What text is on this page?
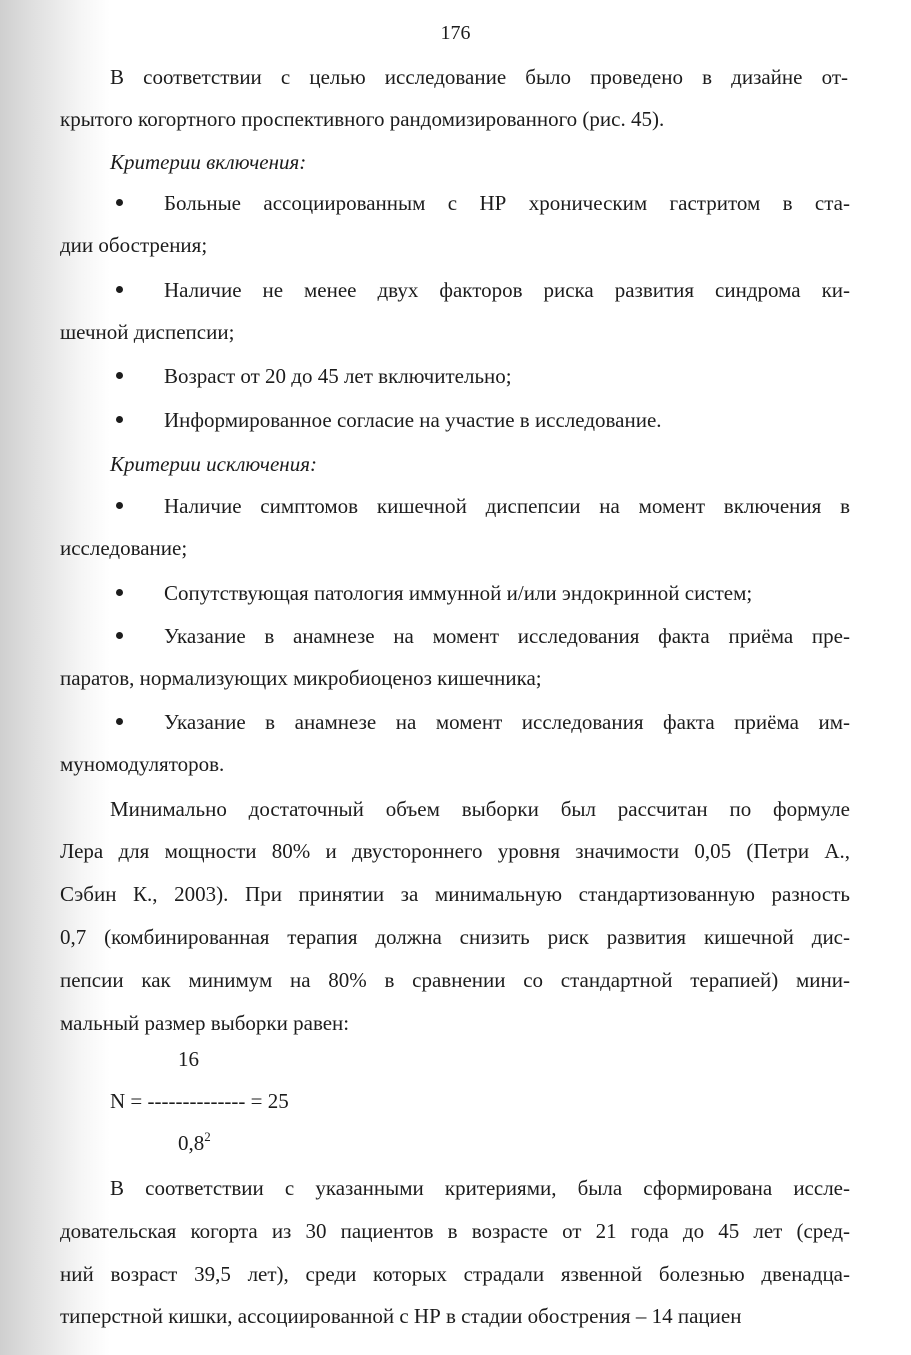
176
В соответствии с целью исследование было проведено в дизайне от-
крытого когортного проспективного рандомизированного (рис. 45).
Критерии включения:
Больные ассоциированным с НР хроническим гастритом в ста-
дии обострения;
Наличие не менее двух факторов риска развития синдрома ки-
шечной диспепсии;
Возраст от 20 до 45 лет включительно;
Информированное согласие на участие в исследование.
Критерии исключения:
Наличие симптомов кишечной диспепсии на момент включения в
исследование;
Сопутствующая патология иммунной и/или эндокринной систем;
Указание в анамнезе на момент исследования факта приёма пре-
паратов, нормализующих микробиоценоз кишечника;
Указание в анамнезе на момент исследования факта приёма им-
муномодуляторов.
Минимально достаточный объем выборки был рассчитан по формуле
Лера для мощности 80% и двустороннего уровня значимости 0,05 (Петри А.,
Сэбин К., 2003). При принятии за минимальную стандартизованную разность
0,7 (комбинированная терапия должна снизить риск развития кишечной дис-
пепсии как минимум на 80% в сравнении со стандартной терапией) мини-
мальный размер выборки равен:
16
N = -------------- = 25
$0,8^2$
В соответствии с указанными критериями, была сформирована иссле-
довательская когорта из 30 пациентов в возрасте от 21 года до 45 лет (сред-
ний возраст 39,5 лет), среди которых страдали язвенной болезнью двенадца-
типерстной кишки, ассоциированной с НР в стадии обострения – 14 пациен
